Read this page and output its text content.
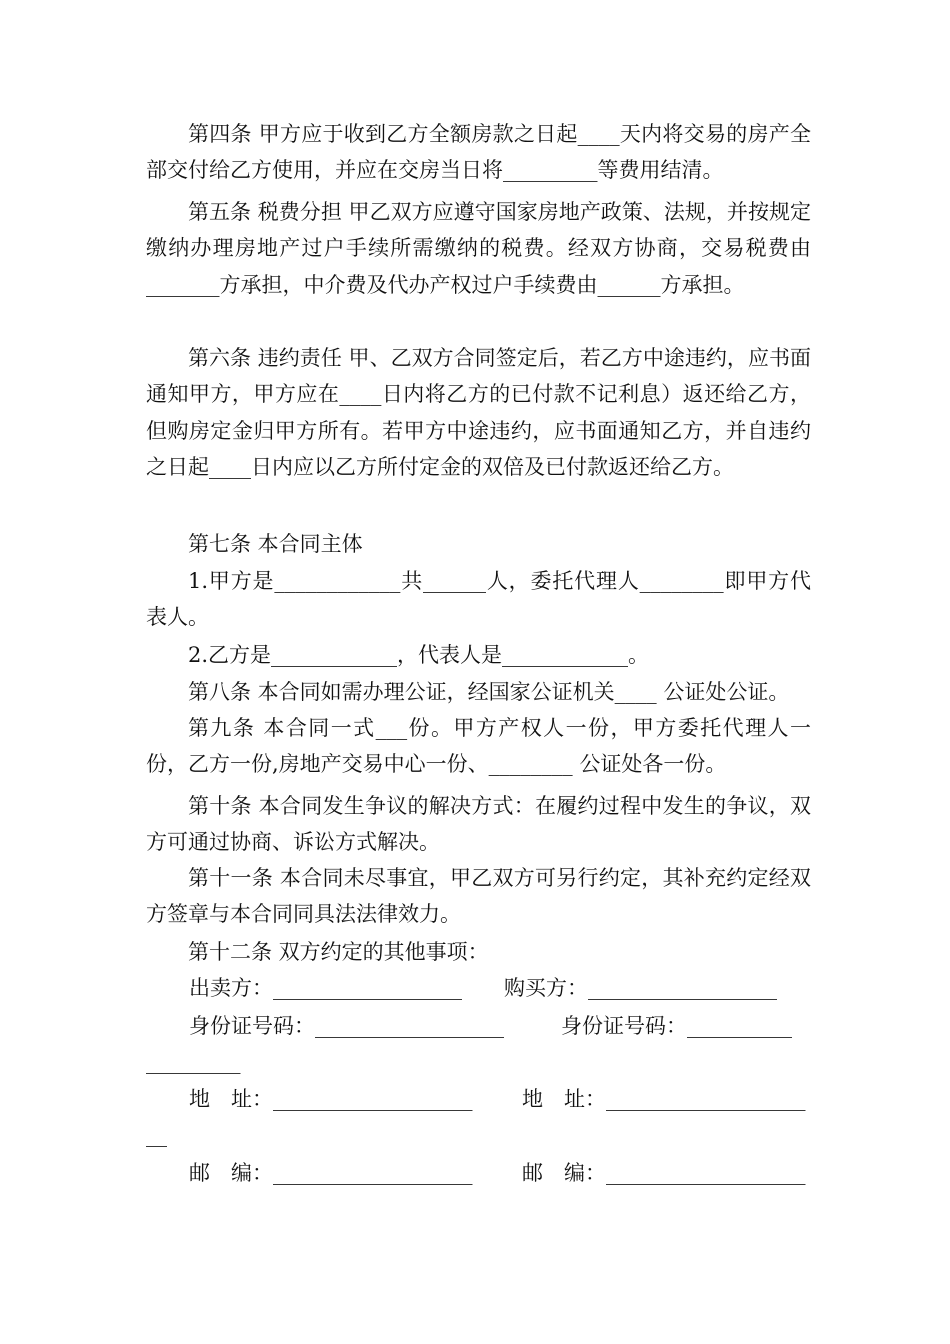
第四条 甲方应于收到乙方全额房款之日起____天内将交易的房产全部交付给乙方使用，并应在交房当日将_________等费用结清。

第五条 税费分担 甲乙双方应遵守国家房地产政策、法规，并按规定缴纳办理房地产过户手续所需缴纳的税费。经双方协商，交易税费由_______方承担，中介费及代办产权过户手续费由______方承担。

第六条 违约责任 甲、乙双方合同签定后，若乙方中途违约，应书面通知甲方，甲方应在____日内将乙方的已付款不记利息）返还给乙方，但购房定金归甲方所有。若甲方中途违约，应书面通知乙方，并自违约之日起____日内应以乙方所付定金的双倍及已付款返还给乙方。

第七条 本合同主体

1.甲方是____________共______人，委托代理人________即甲方代表人。

2.乙方是____________，代表人是____________。

第八条 本合同如需办理公证，经国家公证机关____ 公证处公证。

第九条 本合同一式___份。甲方产权人一份，甲方委托代理人一份，乙方一份,房地产交易中心一份、________ 公证处各一份。

第十条 本合同发生争议的解决方式：在履约过程中发生的争议，双方可通过协商、诉讼方式解决。

第十一条 本合同未尽事宜，甲乙双方可另行约定，其补充约定经双方签章与本合同同具法法律效力。

第十二条 双方约定的其他事项：

出卖方：__________________ 购买方：__________________
身份证号码：__________________	身份证号码：__________
_________
地　址：___________________ 地　址：___________________
__
邮　编：___________________ 邮　编：___________________
